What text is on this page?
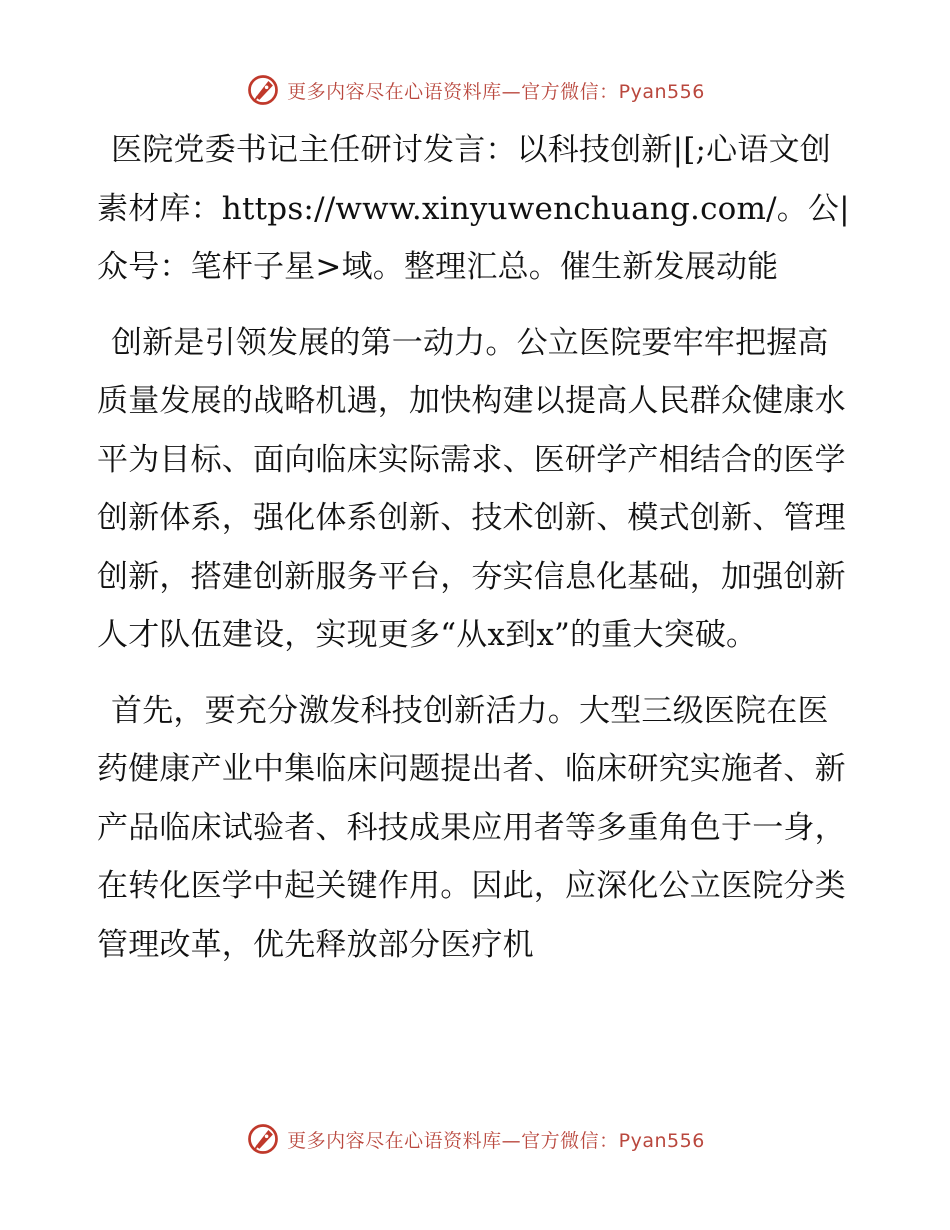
更多内容尽在心语资料库—官方微信：Pyan556

医院党委书记主任研讨发言：以科技创新|[;心语文创素材库：https://www.xinyuwenchuang.com/。公|众号：笔杆子星>域。整理汇总。催生新发展动能

创新是引领发展的第一动力。公立医院要牢牢把握高质量发展的战略机遇，加快构建以提高人民群众健康水平为目标、面向临床实际需求、医研学产相结合的医学创新体系，强化体系创新、技术创新、模式创新、管理创新，搭建创新服务平台，夯实信息化基础，加强创新人才队伍建设，实现更多“从x到x”的重大突破。

首先，要充分激发科技创新活力。大型三级医院在医药健康产业中集临床问题提出者、临床研究实施者、新产品临床试验者、科技成果应用者等多重角色于一身，在转化医学中起关键作用。因此，应深化公立医院分类管理改革，优先释放部分医疗机

更多内容尽在心语资料库—官方微信：Pyan556
